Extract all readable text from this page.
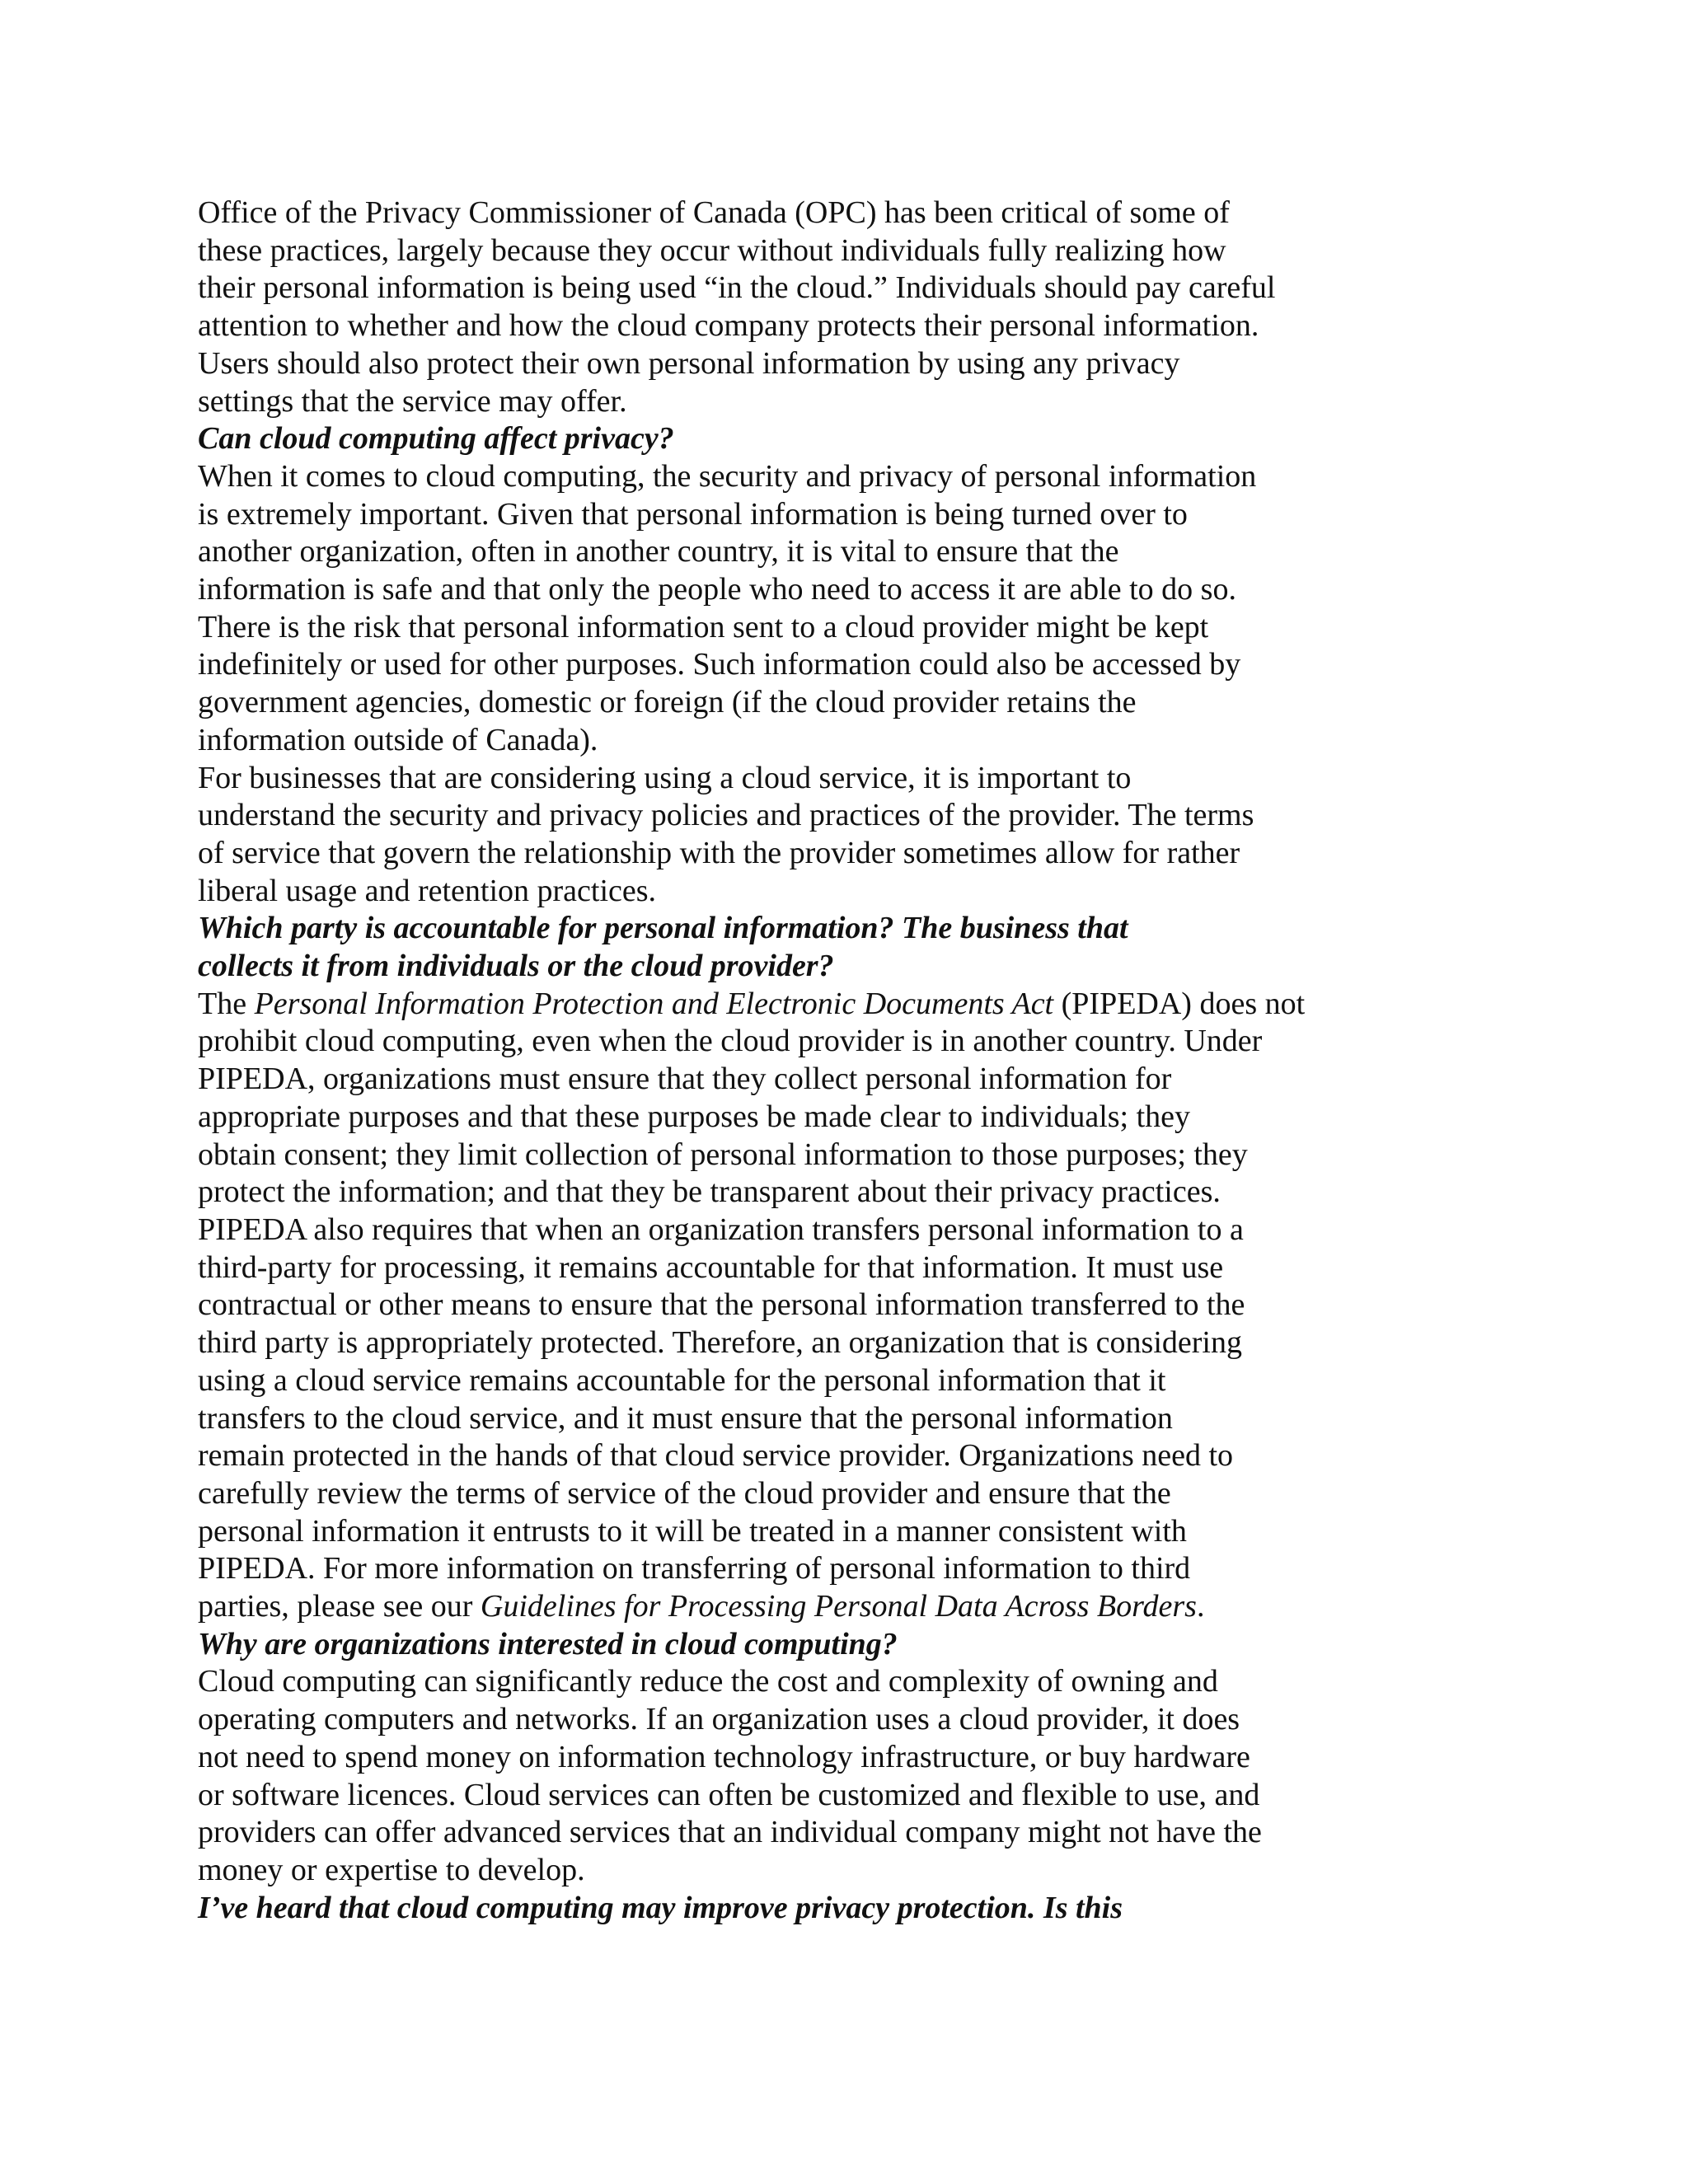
Office of the Privacy Commissioner of Canada (OPC) has been critical of some of
these practices, largely because they occur without individuals fully realizing how
their personal information is being used “in the cloud.” Individuals should pay careful
attention to whether and how the cloud company protects their personal information.
Users should also protect their own personal information by using any privacy
settings that the service may offer.
Can cloud computing affect privacy?
When it comes to cloud computing, the security and privacy of personal information
is extremely important. Given that personal information is being turned over to
another organization, often in another country, it is vital to ensure that the
information is safe and that only the people who need to access it are able to do so.
There is the risk that personal information sent to a cloud provider might be kept
indefinitely or used for other purposes. Such information could also be accessed by
government agencies, domestic or foreign (if the cloud provider retains the
information outside of Canada).
For businesses that are considering using a cloud service, it is important to
understand the security and privacy policies and practices of the provider. The terms
of service that govern the relationship with the provider sometimes allow for rather
liberal usage and retention practices.
Which party is accountable for personal information? The business that
collects it from individuals or the cloud provider?
The Personal Information Protection and Electronic Documents Act (PIPEDA) does not
prohibit cloud computing, even when the cloud provider is in another country. Under
PIPEDA, organizations must ensure that they collect personal information for
appropriate purposes and that these purposes be made clear to individuals; they
obtain consent; they limit collection of personal information to those purposes; they
protect the information; and that they be transparent about their privacy practices.
PIPEDA also requires that when an organization transfers personal information to a
third-party for processing, it remains accountable for that information. It must use
contractual or other means to ensure that the personal information transferred to the
third party is appropriately protected. Therefore, an organization that is considering
using a cloud service remains accountable for the personal information that it
transfers to the cloud service, and it must ensure that the personal information
remain protected in the hands of that cloud service provider. Organizations need to
carefully review the terms of service of the cloud provider and ensure that the
personal information it entrusts to it will be treated in a manner consistent with
PIPEDA. For more information on transferring of personal information to third
parties, please see our Guidelines for Processing Personal Data Across Borders.
Why are organizations interested in cloud computing?
Cloud computing can significantly reduce the cost and complexity of owning and
operating computers and networks. If an organization uses a cloud provider, it does
not need to spend money on information technology infrastructure, or buy hardware
or software licences. Cloud services can often be customized and flexible to use, and
providers can offer advanced services that an individual company might not have the
money or expertise to develop.
I’ve heard that cloud computing may improve privacy protection. Is this
